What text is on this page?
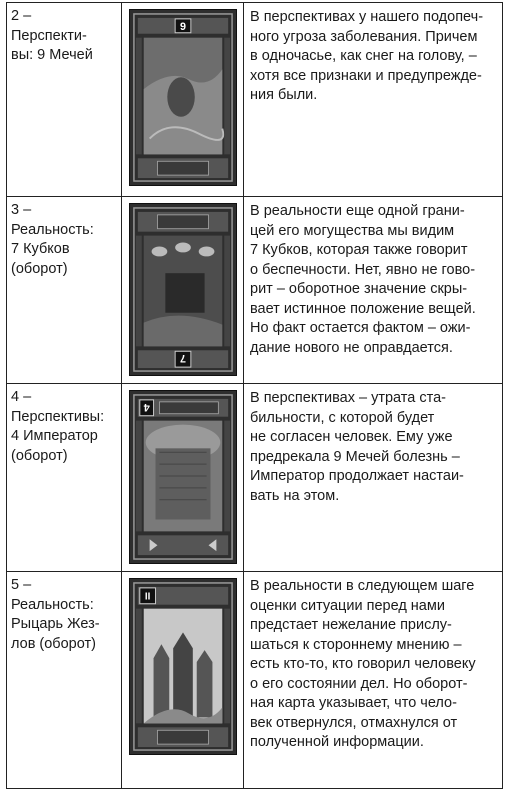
2 –
Перспекти-
вы: 9 Мечей
9
В перспективах у нашего подопеч-
ного угроза заболевания. Причем
в одночасье, как снег на голову, –
хотя все признаки и предупрежде-
ния были.
3 –
Реальность:
7 Кубков
(оборот)
7
В реальности еще одной грани-
цей его могущества мы видим
7 Кубков, которая также говорит
о беспечности. Нет, явно не гово-
рит – оборотное значение скры-
вает истинное положение вещей.
Но факт остается фактом – ожи-
дание нового не оправдается.
4 –
Перспективы:
4 Император
(оборот)
4
В перспективах – утрата ста-
бильности, с которой будет
не согласен человек. Ему уже
предрекала 9 Мечей болезнь –
Император продолжает настаи-
вать на этом.
5 –
Реальность:
Рыцарь Жез-
лов (оборот)
II
В реальности в следующем шаге
оценки ситуации перед нами
предстает нежелание прислу-
шаться к стороннему мнению –
есть кто-то, кто говорил человеку
о его состоянии дел. Но оборот-
ная карта указывает, что чело-
век отвернулся, отмахнулся от
полученной информации.
